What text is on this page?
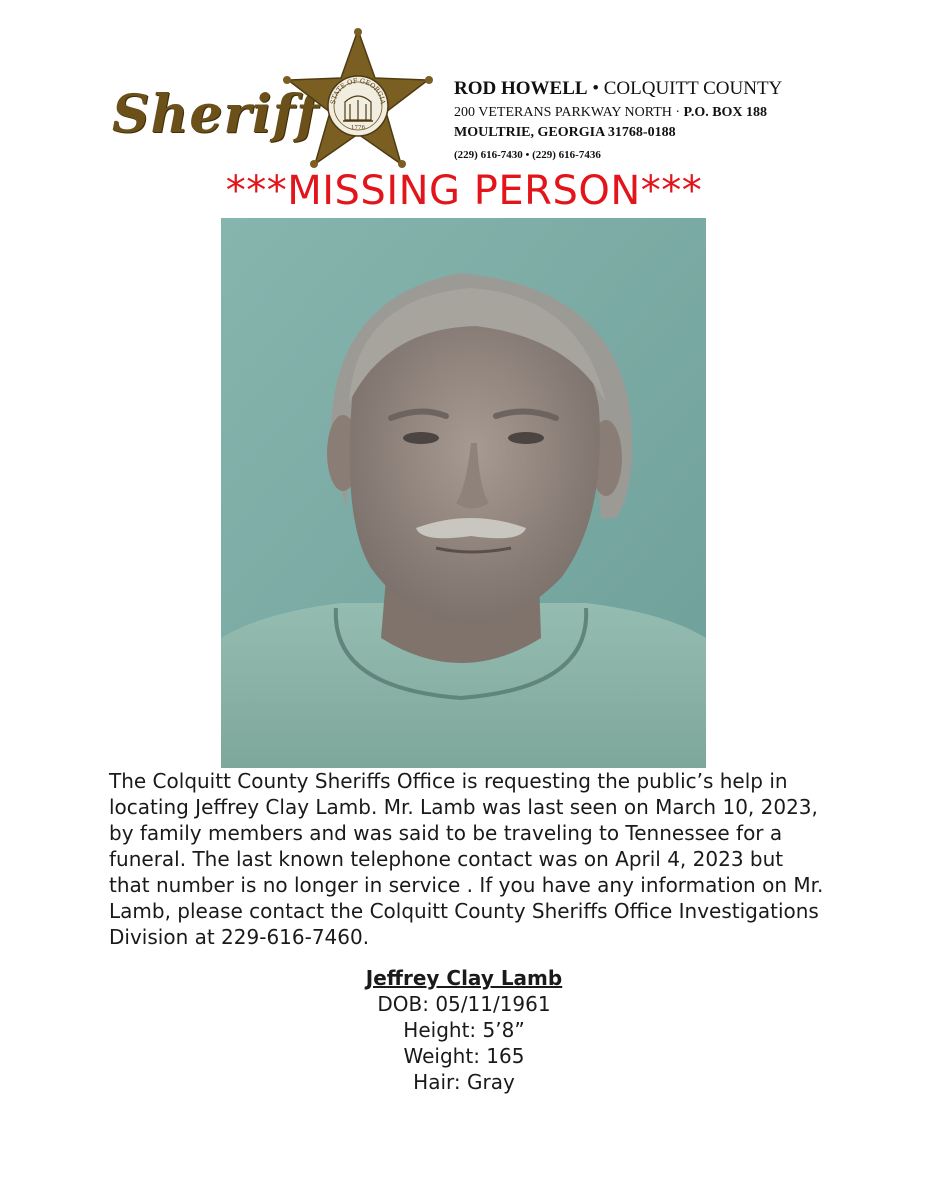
Sheriff STATE OF GEORGIA
1776
ROD HOWELL • COLQUITT COUNTY
200 VETERANS PARKWAY NORTH · P.O. BOX 188
MOULTRIE, GEORGIA 31768-0188
(229) 616-7430 • (229) 616-7436
***MISSING PERSON***
The Colquitt County Sheriffs Office is requesting the public’s help in locating Jeffrey Clay Lamb. Mr. Lamb was last seen on March 10, 2023, by family members and was said to be traveling to Tennessee for a funeral. The last known telephone contact was on April 4, 2023 but that number is no longer in service . If you have any information on Mr. Lamb, please contact the Colquitt County Sheriffs Office Investigations Division at 229-616-7460.
Jeffrey Clay Lamb
DOB: 05/11/1961
Height: 5’8”
Weight: 165
Hair: Gray
